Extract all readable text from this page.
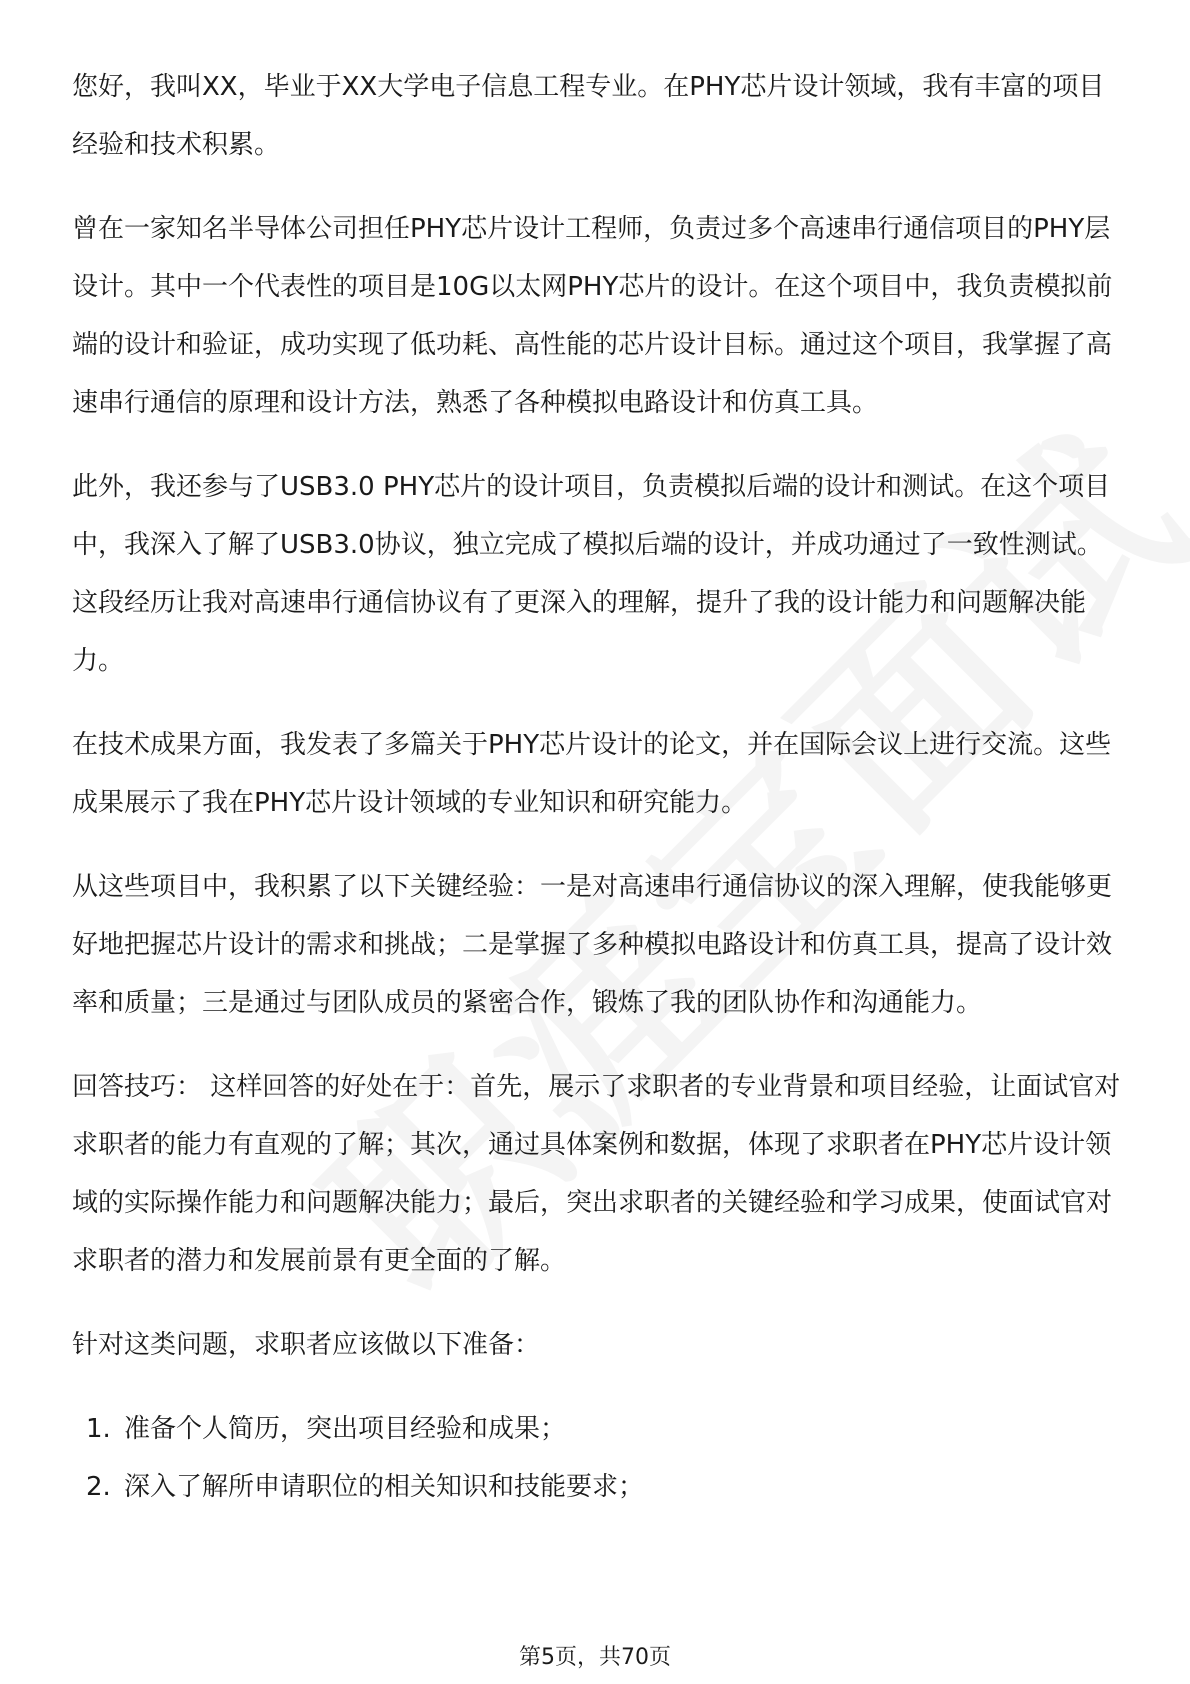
您好，我叫XX，毕业于XX大学电子信息工程专业。在PHY芯片设计领域，我有丰富的项目经验和技术积累。

曾在一家知名半导体公司担任PHY芯片设计工程师，负责过多个高速串行通信项目的PHY层设计。其中一个代表性的项目是10G以太网PHY芯片的设计。在这个项目中，我负责模拟前端的设计和验证，成功实现了低功耗、高性能的芯片设计目标。通过这个项目，我掌握了高速串行通信的原理和设计方法，熟悉了各种模拟电路设计和仿真工具。

此外，我还参与了USB3.0 PHY芯片的设计项目，负责模拟后端的设计和测试。在这个项目中，我深入了解了USB3.0协议，独立完成了模拟后端的设计，并成功通过了一致性测试。这段经历让我对高速串行通信协议有了更深入的理解，提升了我的设计能力和问题解决能力。

在技术成果方面，我发表了多篇关于PHY芯片设计的论文，并在国际会议上进行交流。这些成果展示了我在PHY芯片设计领域的专业知识和研究能力。

从这些项目中，我积累了以下关键经验：一是对高速串行通信协议的深入理解，使我能够更好地把握芯片设计的需求和挑战；二是掌握了多种模拟电路设计和仿真工具，提高了设计效率和质量；三是通过与团队成员的紧密合作，锻炼了我的团队协作和沟通能力。

回答技巧： 这样回答的好处在于：首先，展示了求职者的专业背景和项目经验，让面试官对求职者的能力有直观的了解；其次，通过具体案例和数据，体现了求职者在PHY芯片设计领域的实际操作能力和问题解决能力；最后，突出求职者的关键经验和学习成果，使面试官对求职者的潜力和发展前景有更全面的了解。

针对这类问题，求职者应该做以下准备：

1. 准备个人简历，突出项目经验和成果；
2. 深入了解所申请职位的相关知识和技能要求；
第5页，共70页
